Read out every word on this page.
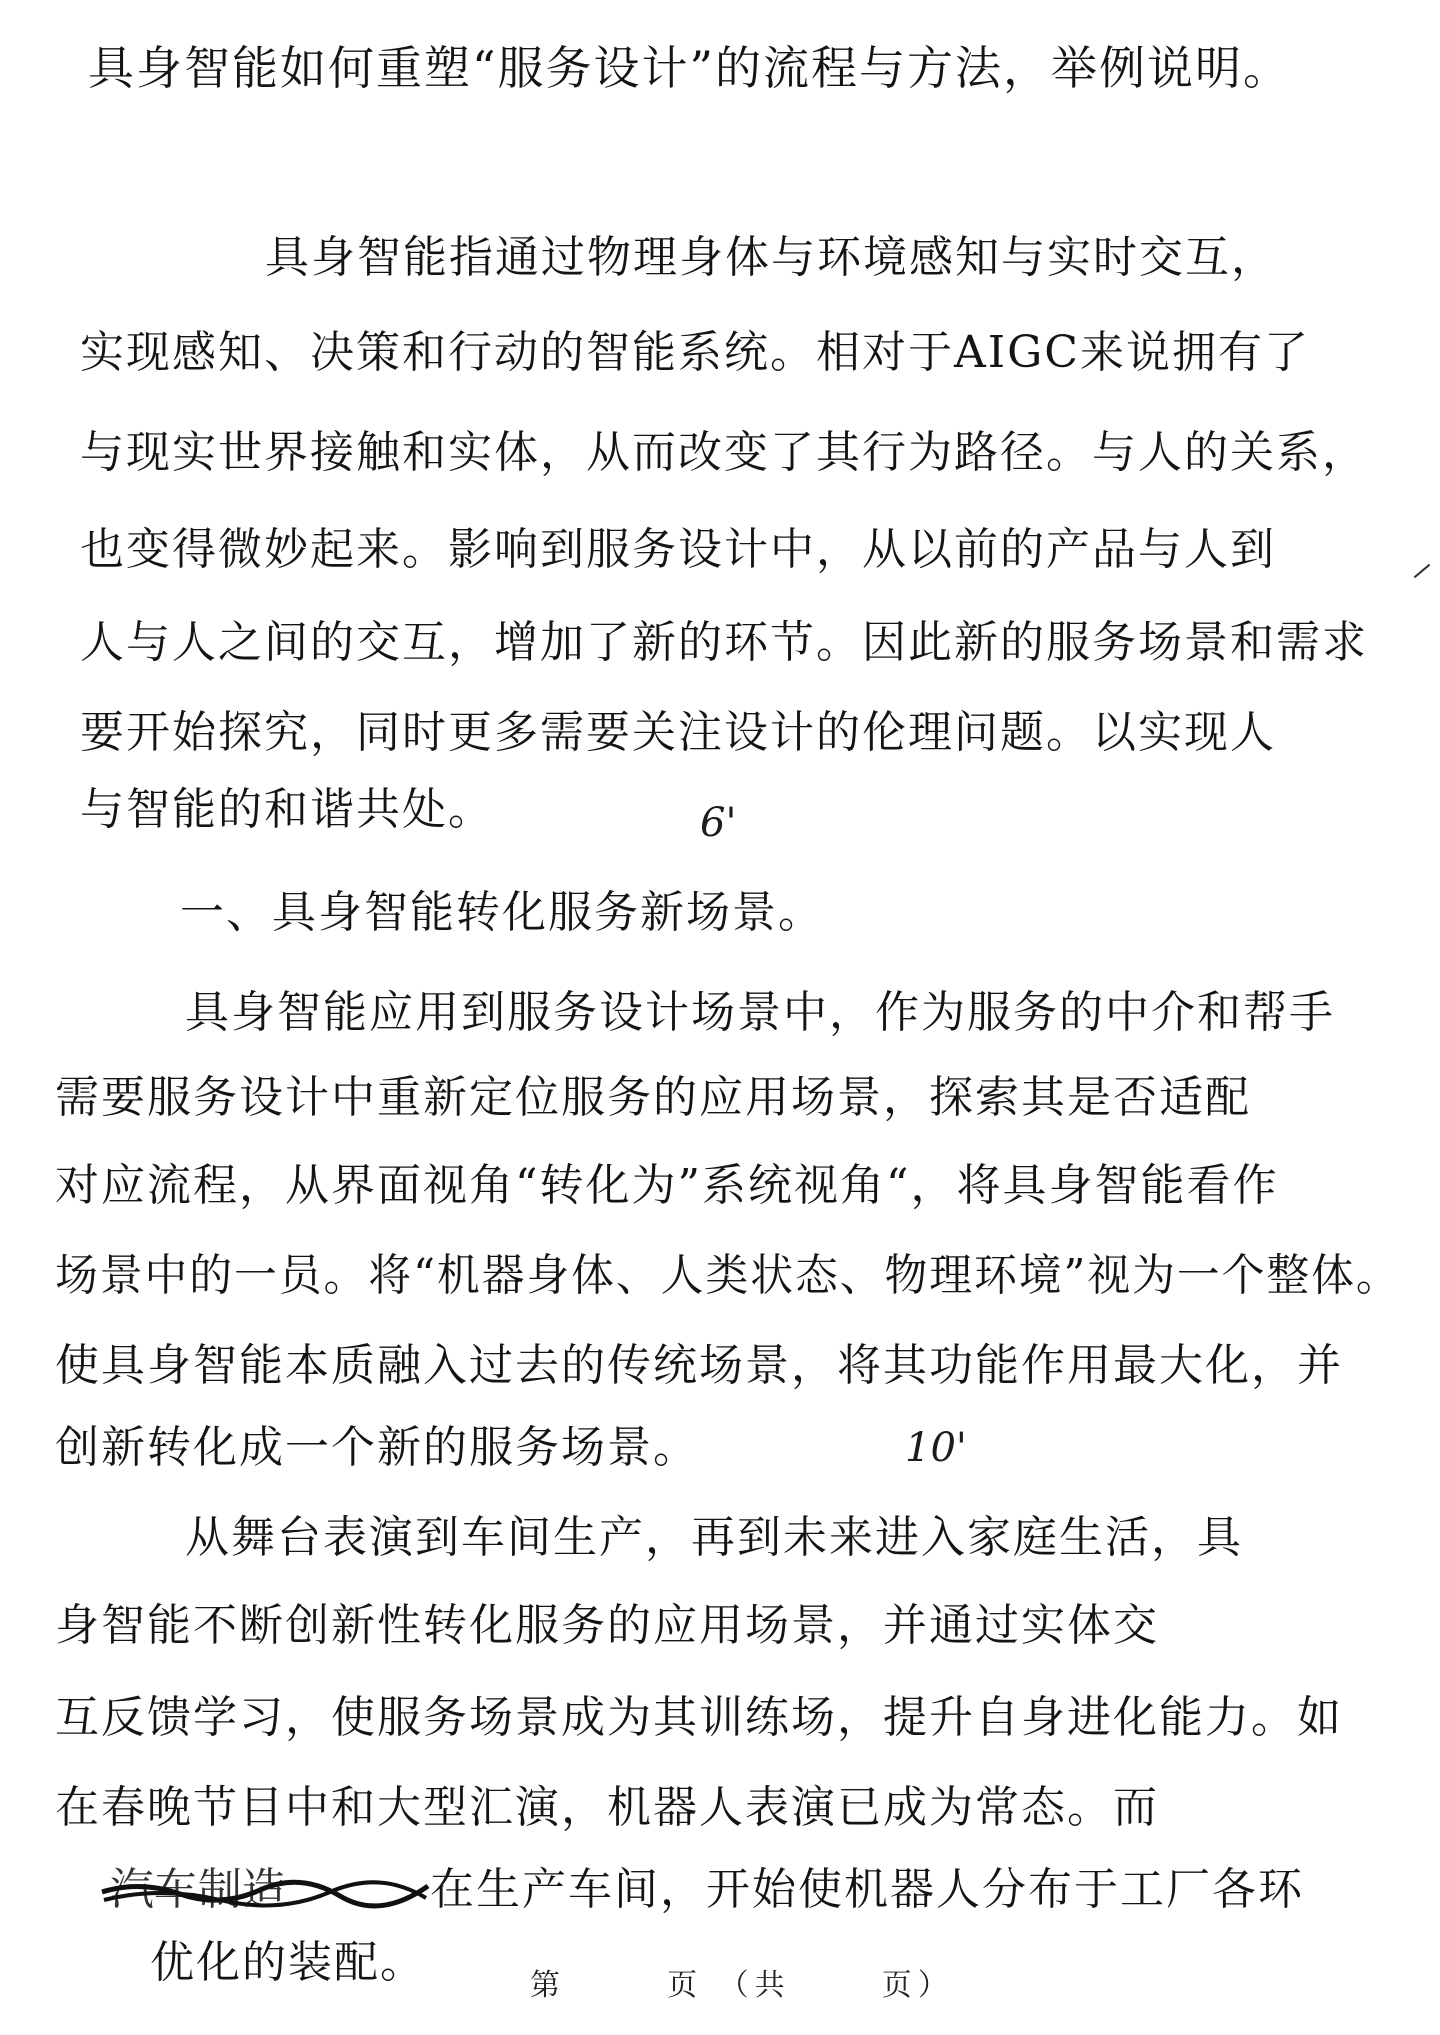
具身智能如何重塑“服务设计”的流程与方法，举例说明。
具身智能指通过物理身体与环境感知与实时交互，
实现感知、决策和行动的智能系统。相对于AIGC来说拥有了
与现实世界接触和实体，从而改变了其行为路径。与人的关系，
也变得微妙起来。影响到服务设计中，从以前的产品与人到
人与人之间的交互，增加了新的环节。因此新的服务场景和需求
要开始探究，同时更多需要关注设计的伦理问题。以实现人
与智能的和谐共处。	6'
一、具身智能转化服务新场景。
具身智能应用到服务设计场景中，作为服务的中介和帮手
需要服务设计中重新定位服务的应用场景，探索其是否适配
对应流程，从界面视角“转化为”系统视角“，将具身智能看作
场景中的一员。将“机器身体、人类状态、物理环境”视为一个整体。
使具身智能本质融入过去的传统场景，将其功能作用最大化，并
创新转化成一个新的服务场景。	10'
从舞台表演到车间生产，再到未来进入家庭生活，具
身智能不断创新性转化服务的应用场景，并通过实体交
互反馈学习，使服务场景成为其训练场，提升自身进化能力。如
在春晚节目中和大型汇演，机器人表演已成为常态。而
汽车制造	在生产车间，开始使机器人分布于工厂各环
优化的装配。	第	页 （共	页）
